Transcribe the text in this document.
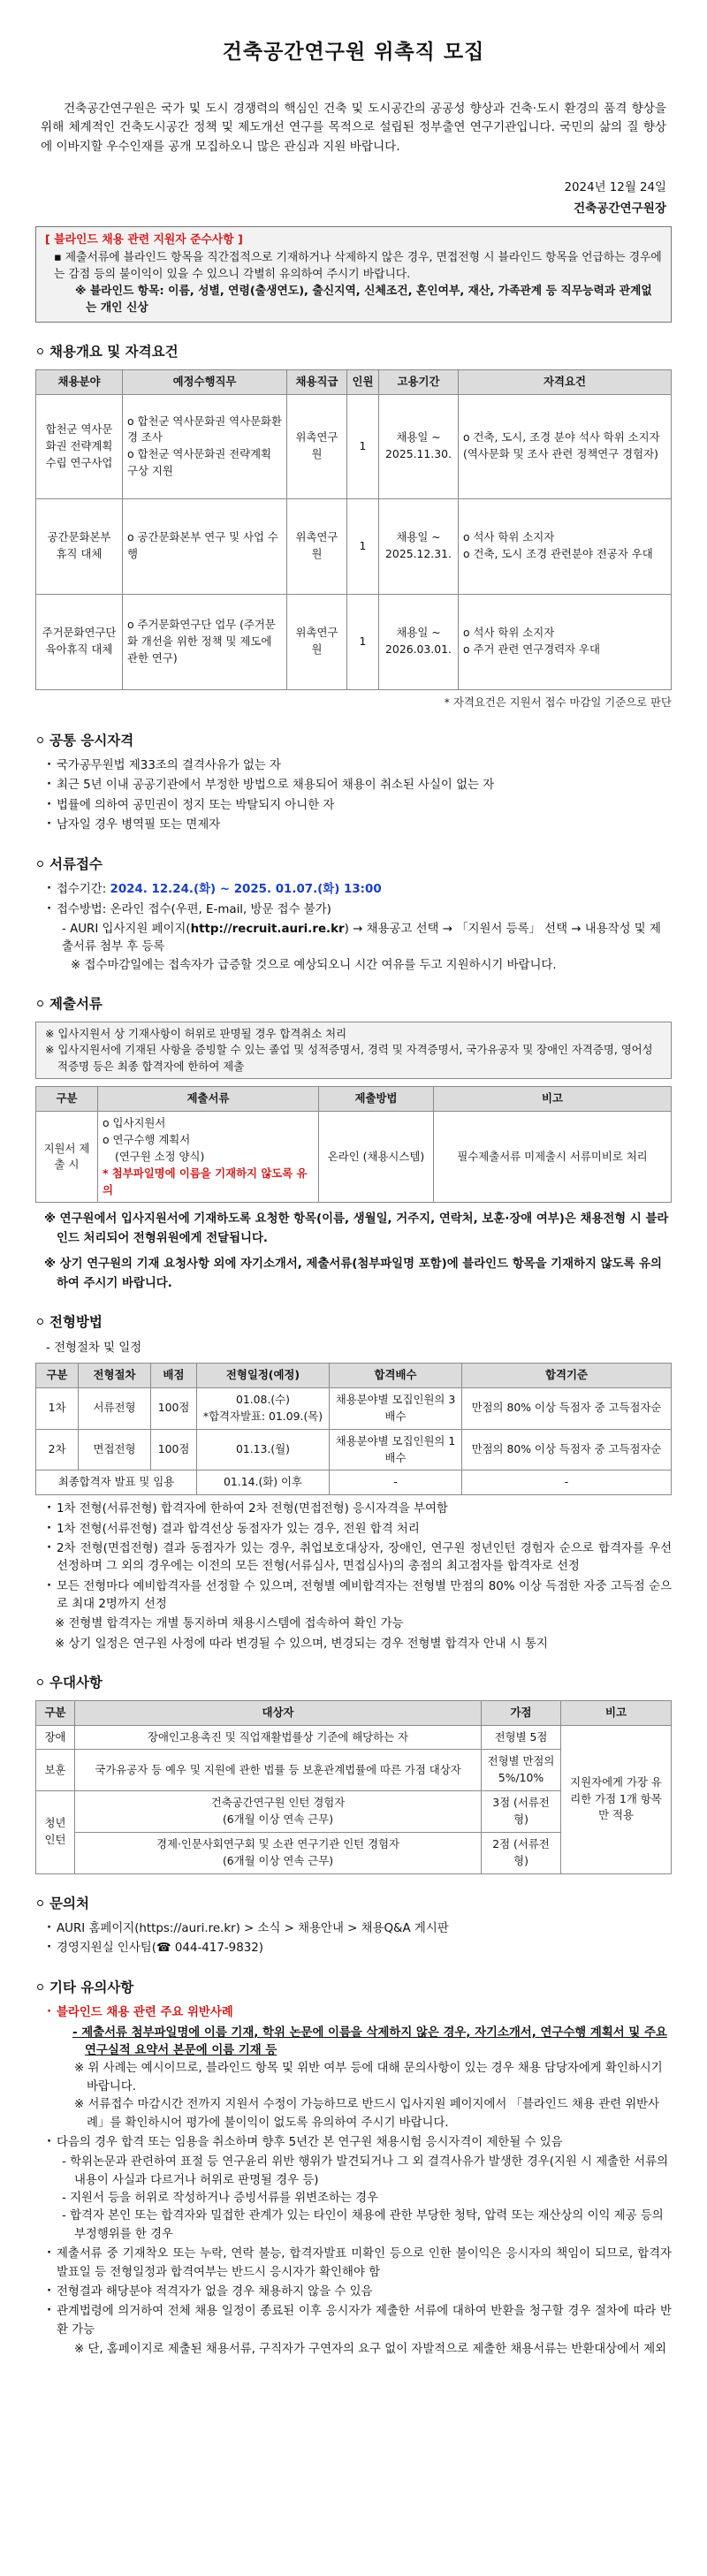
건축공간연구원 위촉직 모집

건축공간연구원은 국가 및 도시 경쟁력의 핵심인 건축 및 도시공간의 공공성 향상과 건축·도시 환경의 품격 향상을 위해 체계적인 건축도시공간 정책 및 제도개선 연구를 목적으로 설립된 정부출연 연구기관입니다. 국민의 삶의 질 향상에 이바지할 우수인재를 공개 모집하오니 많은 관심과 지원 바랍니다.

2024년 12월 24일
건축공간연구원장
[ 블라인드 채용 관련 지원자 준수사항 ]
▪ 제출서류에 블라인드 항목을 직간접적으로 기재하거나 삭제하지 않은 경우, 면접전형 시 블라인드 항목을 언급하는 경우에는 감점 등의 불이익이 있을 수 있으니 각별히 유의하여 주시기 바랍니다.
※ 블라인드 항목: 이름, 성별, 연령(출생연도), 출신지역, 신체조건, 혼인여부, 재산, 가족관계 등 직무능력과 관계없는 개인 신상
채용개요 및 자격요건
채용분야	예정수행직무	채용직급	인원	고용기간	자격요건
합천군 역사문화권 전략계획 수립 연구사업	o 합천군 역사문화권 역사문화환경 조사
o 합천군 역사문화권 전략계획 구상 지원	위촉연구원	1	채용일 ~ 2025.11.30.	o 건축, 도시, 조경 분야 석사 학위 소지자 (역사문화 및 조사 관련 정책연구 경험자)
공간문화본부 휴직 대체	o 공간문화본부 연구 및 사업 수행	위촉연구원	1	채용일 ~ 2025.12.31.	o 석사 학위 소지자
o 건축, 도시 조경 관련분야 전공자 우대

주거문화연구단 육아휴직 대체	o 주거문화연구단 업무 (주거문화 개선을 위한 정책 및 제도에 관한 연구)	위촉연구원	1	채용일 ~ 2026.03.01.	o 석사 학위 소지자
o 주거 관련 연구경력자 우대
* 자격요건은 지원서 접수 마감일 기준으로 판단
공통 응시자격
· 국가공무원법 제33조의 결격사유가 없는 자
· 최근 5년 이내 공공기관에서 부정한 방법으로 채용되어 채용이 취소된 사실이 없는 자
· 법률에 의하여 공민권이 정지 또는 박탈되지 아니한 자
· 남자일 경우 병역필 또는 면제자
서류접수
· 접수기간: 2024. 12.24.(화) ~ 2025. 01.07.(화) 13:00
· 접수방법: 온라인 접수(우편, E-mail, 방문 접수 불가)
- AURI 입사지원 페이지(http://recruit.auri.re.kr) → 채용공고 선택 → 「지원서 등록」 선택 → 내용작성 및 제출서류 첨부 후 등록
※ 접수마감일에는 접속자가 급증할 것으로 예상되오니 시간 여유를 두고 지원하시기 바랍니다.
제출서류
※ 입사지원서 상 기재사항이 허위로 판명될 경우 합격취소 처리
※ 입사지원서에 기재된 사항을 증빙할 수 있는 졸업 및 성적증명서, 경력 및 자격증명서, 국가유공자 및 장애인 자격증명, 영어성적증명 등은 최종 합격자에 한하여 제출
구분	제출서류	제출방법	비고
지원서 제출 시	o 입사지원서
o 연구수행 계획서
(연구원 소정 양식)
* 첨부파일명에 이름을 기재하지 않도록 유의	온라인 (채용시스템)	필수제출서류 미제출시 서류미비로 처리
※ 연구원에서 입사지원서에 기재하도록 요청한 항목(이름, 생월일, 거주지, 연락처, 보훈·장애 여부)은 채용전형 시 블라인드 처리되어 전형위원에게 전달됩니다.
※ 상기 연구원의 기재 요청사항 외에 자기소개서, 제출서류(첨부파일명 포함)에 블라인드 항목을 기재하지 않도록 유의하여 주시기 바랍니다.
전형방법
- 전형절차 및 일정
구분	전형절차	배점	전형일정(예정)	합격배수	합격기준
1차	서류전형	100점	01.08.(수)
*합격자발표: 01.09.(목)	채용분야별 모집인원의 3배수	만점의 80% 이상 득점자 중 고득점자순
2차	면접전형	100점	01.13.(월)	채용분야별 모집인원의 1배수	만점의 80% 이상 득점자 중 고득점자순
최종합격자 발표 및 임용			01.14.(화) 이후	-	-
· 1차 전형(서류전형) 합격자에 한하여 2차 전형(면접전형) 응시자격을 부여함
· 1차 전형(서류전형) 결과 합격선상 동점자가 있는 경우, 전원 합격 처리
· 2차 전형(면접전형) 결과 동점자가 있는 경우, 취업보호대상자, 장애인, 연구원 정년인턴 경험자 순으로 합격자를 우선 선정하며 그 외의 경우에는 이전의 모든 전형(서류심사, 면접심사)의 총점의 최고점자를 합격자로 선정
· 모든 전형마다 예비합격자를 선정할 수 있으며, 전형별 예비합격자는 전형별 만점의 80% 이상 득점한 자중 고득점 순으로 최대 2명까지 선정
※ 전형별 합격자는 개별 통지하며 채용시스템에 접속하여 확인 가능
※ 상기 일정은 연구원 사정에 따라 변경될 수 있으며, 변경되는 경우 전형별 합격자 안내 시 통지
우대사항
구분	대상자	가점	비고
장애	장애인고용촉진 및 직업재활법률상 기준에 해당하는 자	전형별 5점	지원자에게 가장 유리한 가점 1개 항목만 적용
보훈	국가유공자 등 예우 및 지원에 관한 법률 등 보훈관계법률에 따른 가점 대상자	전형별 만점의 5%/10%	
청년 인턴	건축공간연구원 인턴 경험자
(6개월 이상 연속 근무)	3점 (서류전형)	

	경제·인문사회연구회 및 소관 연구기관 인턴 경험자
(6개월 이상 연속 근무)	2점 (서류전형)	
문의처
· AURI 홈페이지(https://auri.re.kr) > 소식 > 채용안내 > 채용Q&A 게시판
· 경영지원실 인사팀(☎ 044-417-9832)
기타 유의사항
· 블라인드 채용 관련 주요 위반사례
- 제출서류 첨부파일명에 이름 기재, 학위 논문에 이름을 삭제하지 않은 경우, 자기소개서, 연구수행 계획서 및 주요 연구실적 요약서 본문에 이름 기재 등
※ 위 사례는 예시이므로, 블라인드 항목 및 위반 여부 등에 대해 문의사항이 있는 경우 채용 담당자에게 확인하시기 바랍니다.
※ 서류접수 마감시간 전까지 지원서 수정이 가능하므로 반드시 입사지원 페이지에서 「블라인드 채용 관련 위반사례」를 확인하시어 평가에 불이익이 없도록 유의하여 주시기 바랍니다.
· 다음의 경우 합격 또는 임용을 취소하며 향후 5년간 본 연구원 채용시험 응시자격이 제한될 수 있음
- 학위논문과 관련하여 표절 등 연구윤리 위반 행위가 발견되거나 그 외 결격사유가 발생한 경우(지원 시 제출한 서류의 내용이 사실과 다르거나 허위로 판명될 경우 등)
- 지원서 등을 허위로 작성하거나 증빙서류를 위변조하는 경우
- 합격자 본인 또는 합격자와 밀접한 관계가 있는 타인이 채용에 관한 부당한 청탁, 압력 또는 재산상의 이익 제공 등의 부정행위를 한 경우
· 제출서류 중 기재착오 또는 누락, 연락 불능, 합격자발표 미확인 등으로 인한 불이익은 응시자의 책임이 되므로, 합격자 발표일 등 전형일정과 합격여부는 반드시 응시자가 확인해야 함
· 전형결과 해당분야 적격자가 없을 경우 채용하지 않을 수 있음
· 관계법령에 의거하여 전체 채용 일정이 종료된 이후 응시자가 제출한 서류에 대하여 반환을 청구할 경우 절차에 따라 반환 가능
※ 단, 홈페이지로 제출된 채용서류, 구직자가 구연자의 요구 없이 자발적으로 제출한 채용서류는 반환대상에서 제외
